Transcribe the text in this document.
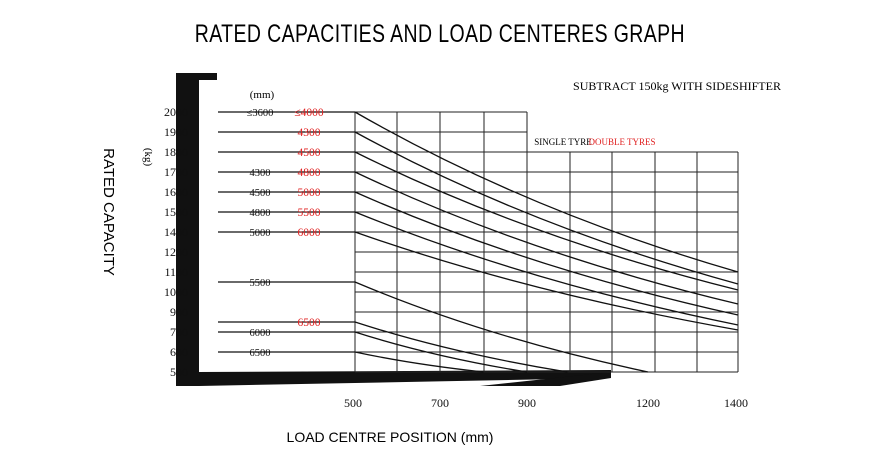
RATED CAPACITIES AND LOAD CENTERES GRAPH
SUBTRACT 150kg WITH SIDESHIFTER
RATED CAPACITY (kg)
(mm)
SINGLE TYRE
DOUBLE TYRES
LOAD CENTRE POSITION (mm)
2000
1900
1800
1700
1600
1500
1400
1200
1100
1000
900
700
600
500
500	700	900	1200	1400
≤3600 ≤4000
4300
4500
4300 4800
4500 5000
4800 5500
5000 6000
5500
6500
6000
6500
